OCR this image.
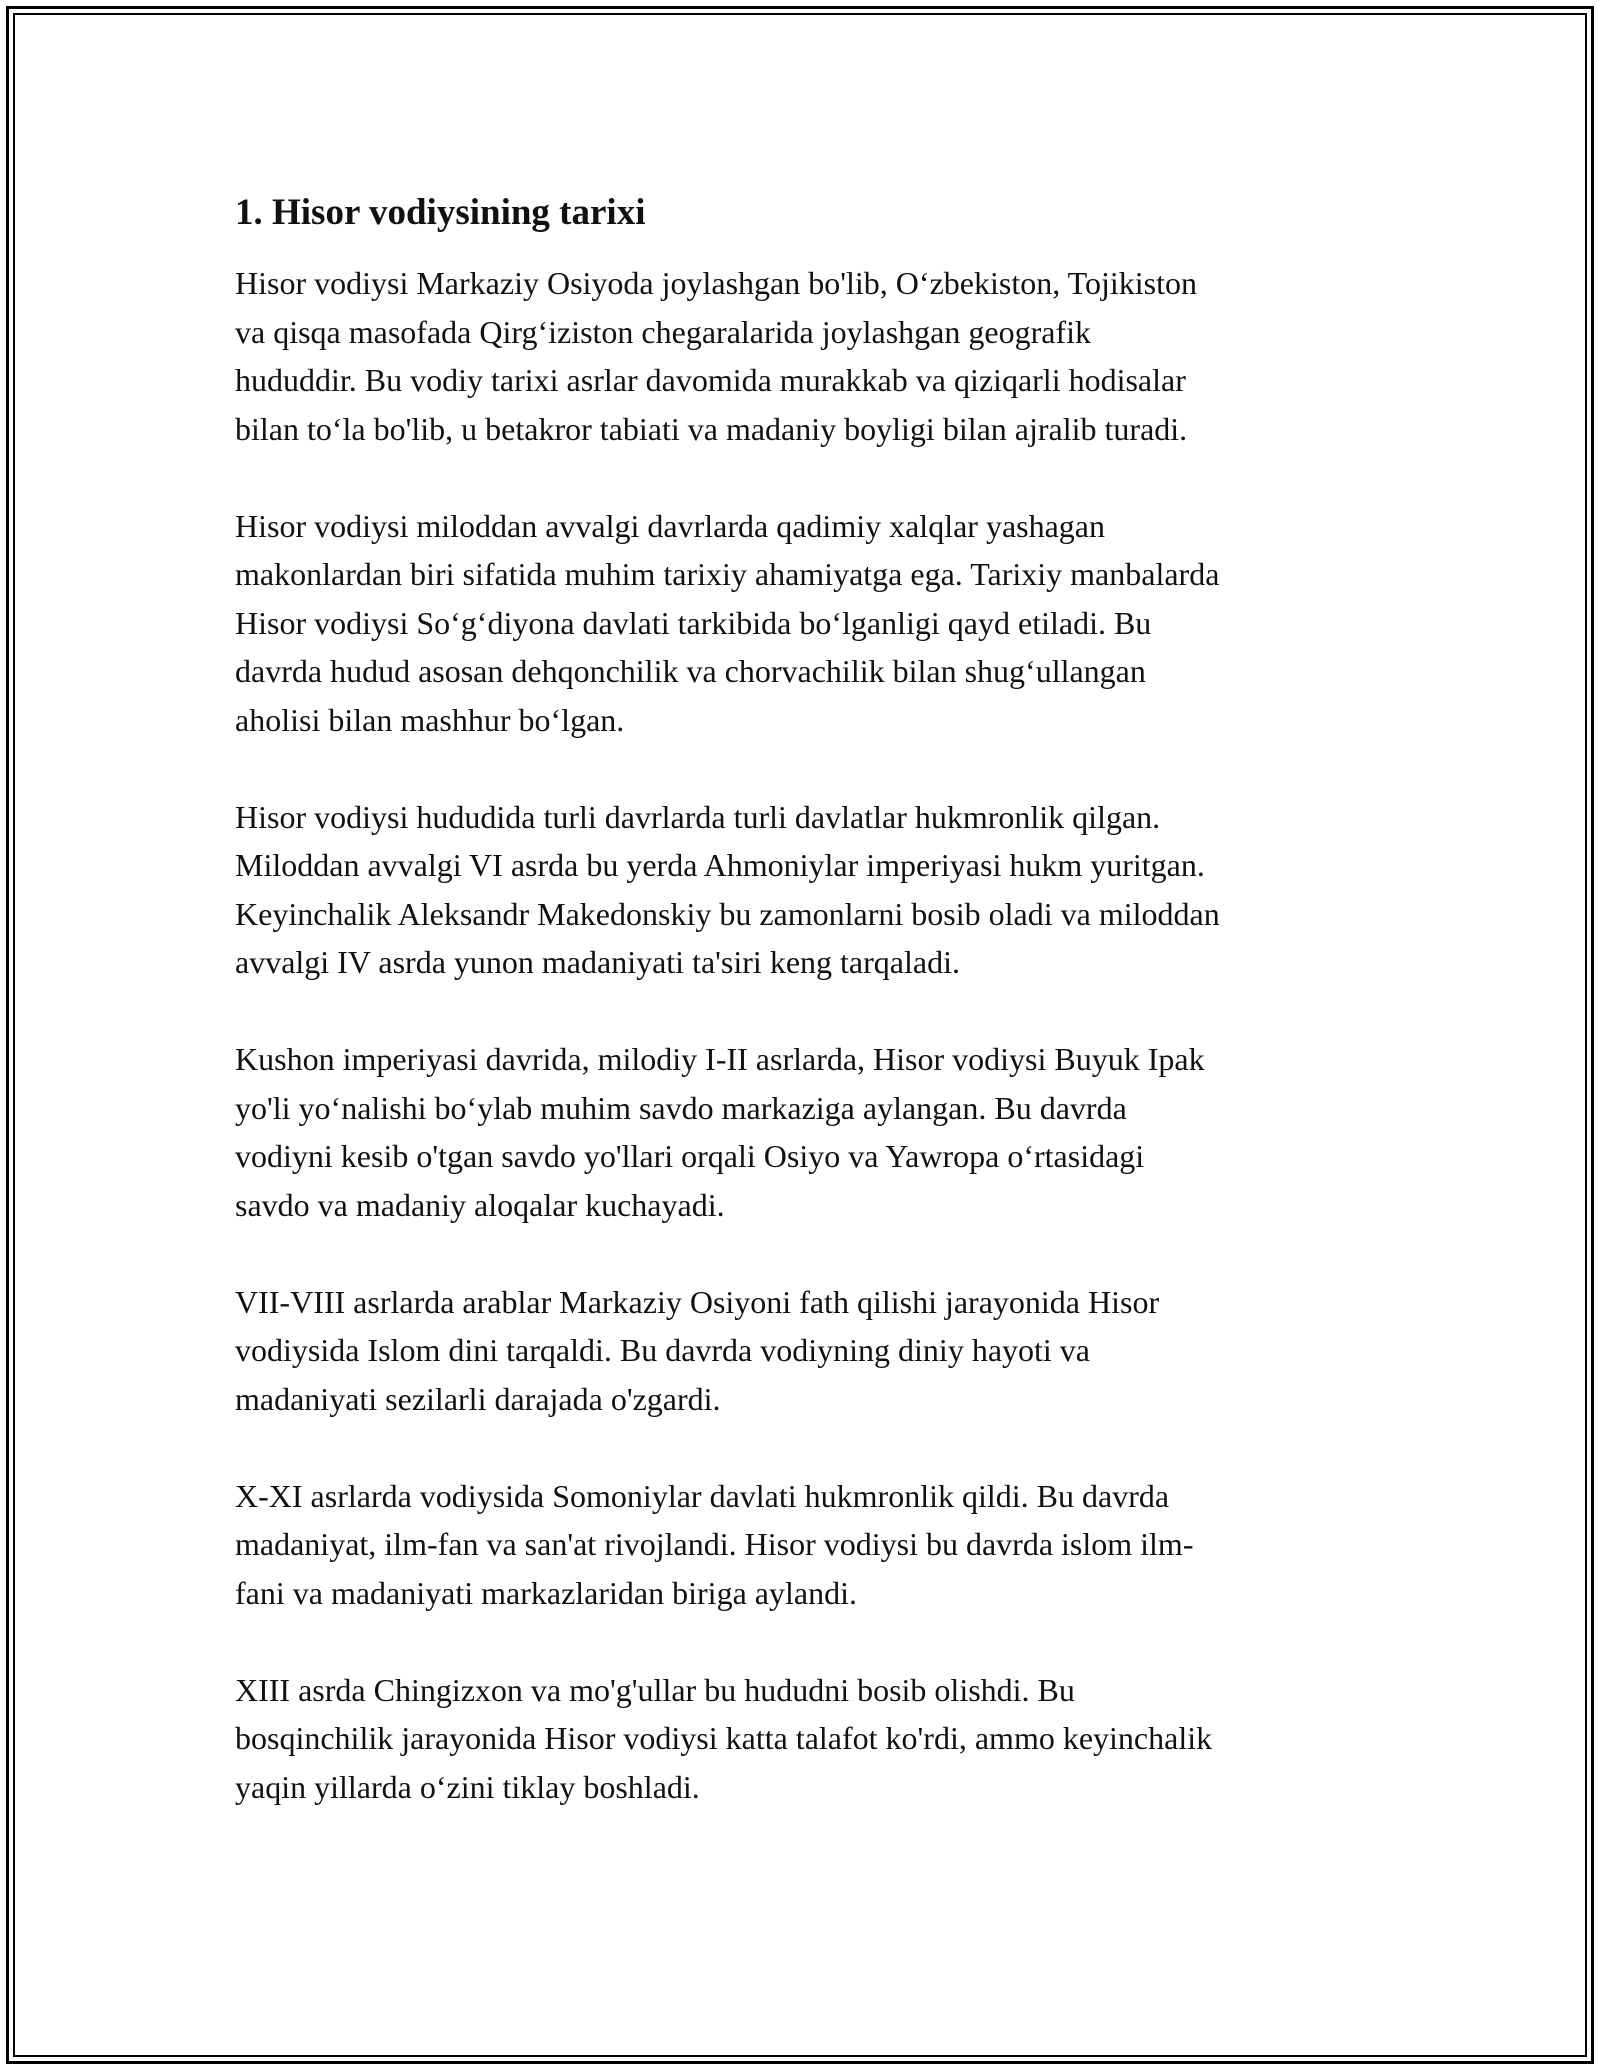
1. Hisor vodiysining tarixi

Hisor vodiysi Markaziy Osiyoda joylashgan bo'lib, O‘zbekiston, Tojikiston
va qisqa masofada Qirg‘iziston chegaralarida joylashgan geografik
hududdir. Bu vodiy tarixi asrlar davomida murakkab va qiziqarli hodisalar
bilan to‘la bo'lib, u betakror tabiati va madaniy boyligi bilan ajralib turadi.

Hisor vodiysi miloddan avvalgi davrlarda qadimiy xalqlar yashagan
makonlardan biri sifatida muhim tarixiy ahamiyatga ega. Tarixiy manbalarda
Hisor vodiysi So‘g‘diyona davlati tarkibida bo‘lganligi qayd etiladi. Bu
davrda hudud asosan dehqonchilik va chorvachilik bilan shug‘ullangan
aholisi bilan mashhur bo‘lgan.

Hisor vodiysi hududida turli davrlarda turli davlatlar hukmronlik qilgan.
Miloddan avvalgi VI asrda bu yerda Ahmoniylar imperiyasi hukm yuritgan.
Keyinchalik Aleksandr Makedonskiy bu zamonlarni bosib oladi va miloddan
avvalgi IV asrda yunon madaniyati ta'siri keng tarqaladi.

Kushon imperiyasi davrida, milodiy I-II asrlarda, Hisor vodiysi Buyuk Ipak
yo'li yo‘nalishi bo‘ylab muhim savdo markaziga aylangan. Bu davrda
vodiyni kesib o'tgan savdo yo'llari orqali Osiyo va Yawropa o‘rtasidagi
savdo va madaniy aloqalar kuchayadi.

VII-VIII asrlarda arablar Markaziy Osiyoni fath qilishi jarayonida Hisor
vodiysida Islom dini tarqaldi. Bu davrda vodiyning diniy hayoti va
madaniyati sezilarli darajada o'zgardi.

X-XI asrlarda vodiysida Somoniylar davlati hukmronlik qildi. Bu davrda
madaniyat, ilm-fan va san'at rivojlandi. Hisor vodiysi bu davrda islom ilm-
fani va madaniyati markazlaridan biriga aylandi.

XIII asrda Chingizxon va mo'g'ullar bu hududni bosib olishdi. Bu
bosqinchilik jarayonida Hisor vodiysi katta talafot ko'rdi, ammo keyinchalik
yaqin yillarda o‘zini tiklay boshladi.
